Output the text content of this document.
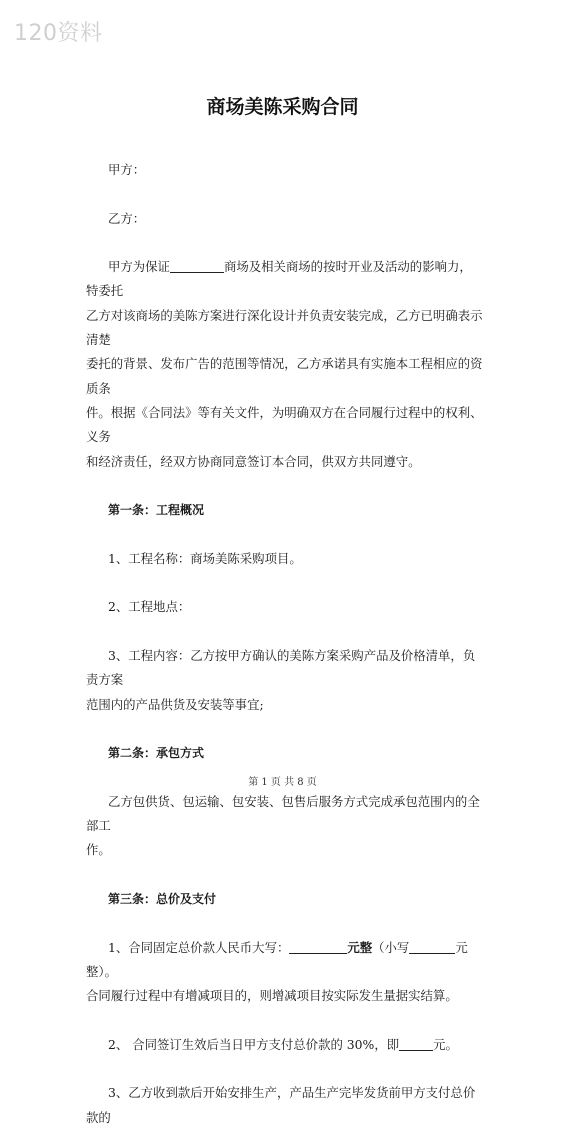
120资料
商场美陈采购合同

甲方：

乙方：

甲方为保证	商场及相关商场的按时开业及活动的影响力，特委托

乙方对该商场的美陈方案进行深化设计并负责安装完成，乙方已明确表示清楚

委托的背景、发布广告的范围等情况，乙方承诺具有实施本工程相应的资质条

件。根据《合同法》等有关文件，为明确双方在合同履行过程中的权利、义务

和经济责任，经双方协商同意签订本合同，供双方共同遵守。

第一条：工程概况

1、工程名称：商场美陈采购项目。

2、工程地点：

3、工程内容：乙方按甲方确认的美陈方案采购产品及价格清单，负责方案

范围内的产品供货及安装等事宜;

第二条：承包方式

乙方包供货、包运输、包安装、包售后服务方式完成承包范围内的全部工

作。

第三条：总价及支付

1、合同固定总价款人民币大写：	元整（小写	元整）。

合同履行过程中有增减项目的，则增减项目按实际发生量据实结算。

2、 合同签订生效后当日甲方支付总价款的 30%，即	元。

3、乙方收到款后开始安排生产，产品生产完毕发货前甲方支付总价款的

第 1 页 共 8 页
